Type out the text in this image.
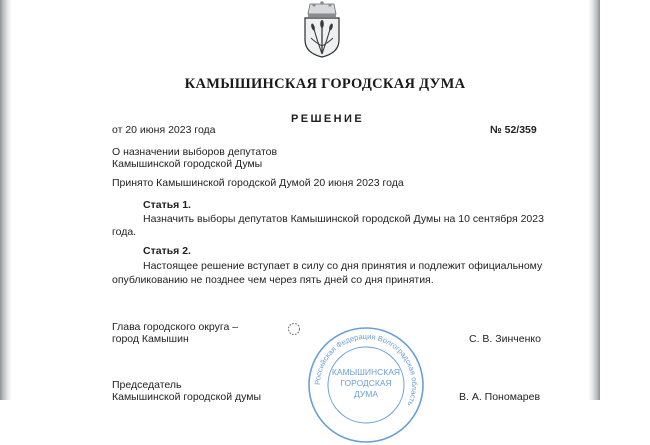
КАМЫШИНСКАЯ ГОРОДСКАЯ ДУМА
РЕШЕНИЕ
от 20 июня 2023 года	№ 52/359
О назначении выборов депутатов
Камышинской городской Думы
Принято Камышинской городской Думой 20 июня 2023 года
Статья 1.
Назначить выборы депутатов Камышинской городской Думы на 10 сентября 2023
года.
Статья 2.
Настоящее решение вступает в силу со дня принятия и подлежит официальному
опубликованию не позднее чем через пять дней со дня принятия.
Глава городского округа –
город Камышин	С. В. Зинченко
Российская Федерация Волгоградская область
КАМЫШИНСКАЯ
ГОРОДСКАЯ
ДУМА
Председатель
Камышинской городской думы	В. А. Пономарев
